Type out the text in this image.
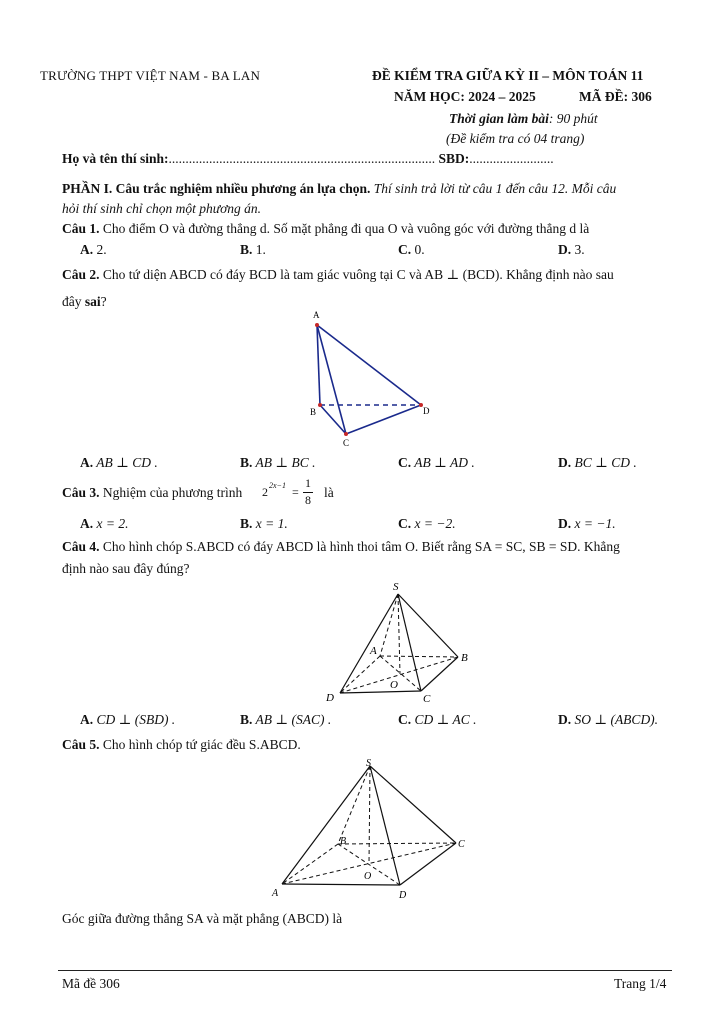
TRƯỜNG THPT VIỆT NAM - BA LAN	ĐỀ KIỂM TRA GIỮA KỲ II – MÔN TOÁN 11
NĂM HỌC: 2024 – 2025	MÃ ĐỀ: 306
Thời gian làm bài: 90 phút
(Đề kiểm tra có 04 trang)
Họ và tên thí sinh:............................................................................... SBD:.........................
PHẦN I. Câu trắc nghiệm nhiều phương án lựa chọn. Thí sinh trả lời từ câu 1 đến câu 12. Mỗi câu
hỏi thí sinh chỉ chọn một phương án.
Câu 1. Cho điểm O và đường thẳng d. Số mặt phẳng đi qua O và vuông góc với đường thẳng d là
A. 2.	B. 1.	C. 0.	D. 3.
Câu 2. Cho tứ diện ABCD có đáy BCD là tam giác vuông tại C và AB ⊥ (BCD). Khẳng định nào sau
đây sai?
A
B
C
D
A. AB ⊥ CD .	B. AB ⊥ BC .	C. AB ⊥ AD .	D. BC ⊥ CD .
Câu 3. Nghiệm của phương trình 2 2x−1 =
1
8 là
A. x = 2.	B. x = 1.	C. x = −2.	D. x = −1.
Câu 4. Cho hình chóp S.ABCD có đáy ABCD là hình thoi tâm O. Biết rằng SA = SC, SB = SD. Khẳng
định nào sau đây đúng?
S
A
B
C
D
O
A. CD ⊥ (SBD) .	B. AB ⊥ (SAC) .	C. CD ⊥ AC .	D. SO ⊥ (ABCD).
Câu 5. Cho hình chóp tứ giác đều S.ABCD.
S
A
B	C
D
O
Góc giữa đường thẳng SA và mặt phẳng (ABCD) là
Mã đề 306	Trang 1/4
